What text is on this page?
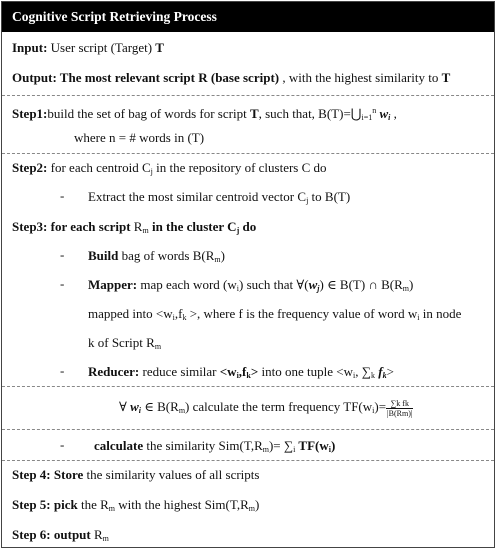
Cognitive Script Retrieving Process
Input: User script (Target) T
Output: The most relevant script R (base script) , with the highest similarity to T
Step1:build the set of bag of words for script T, such that, $B(T)=⋃_{i=1}^n$ $w_i$ ,
where n = # words in (T)
Step2: for each centroid $C_j$ in the repository of clusters C do
- Extract the most similar centroid vector $C_j$ to B(T)
Step3: for each script $R_m$ in the cluster $C_j$ do
- Build bag of words $B(R_m)$
- Mapper: map each word $(w_i)$ such that $\forall(w_j)$ ∈ B(T) ∩ $B(R_m)$
mapped into $<w_i,f_k$ >, where f is the frequency value of word $w_i$ in node
k of Script $R_m$
- Reducer: reduce similar $<w_i,f_k>$ into one tuple $<w_i$, $\sum_k$ $f_k>$
∀ $w_i$ ∈ $B(R_m)$ calculate the term frequency $TF(w_i)= \frac{\text{∑k fk}}{|B(Rm)|}$
- calculate the similarity $Sim(T,R_m)= \sum_i$ $TF(w_i)$
Step 4: Store the similarity values of all scripts
Step 5: pick the $R_m$ with the highest $Sim(T,R_m)$
Step 6: output $R_m$
